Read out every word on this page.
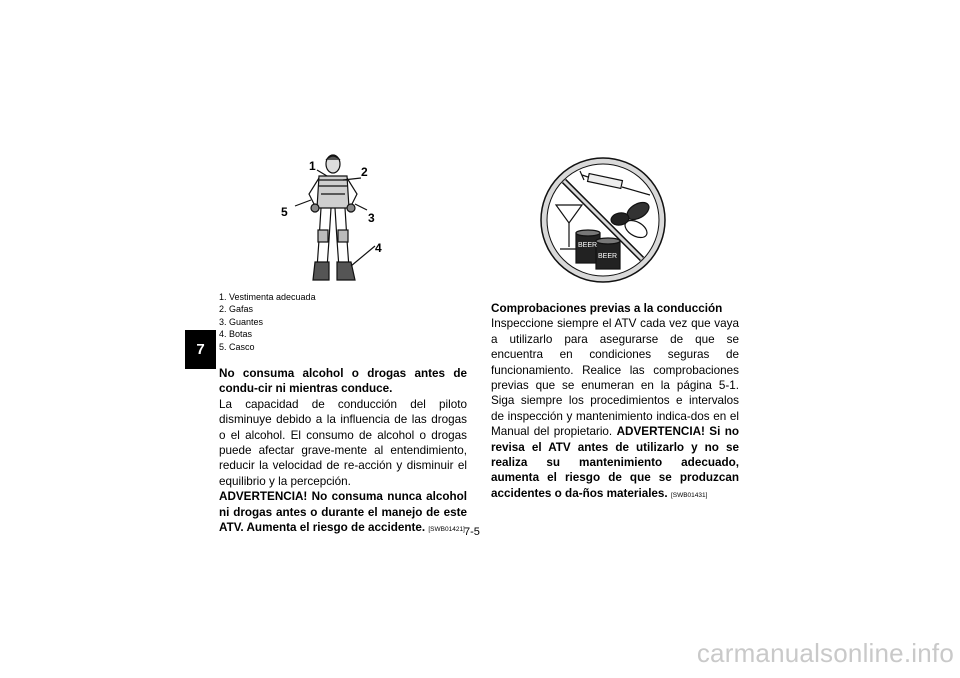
7
1	2
3
4
5
1. Vestimenta adecuada
2. Gafas
3. Guantes
4. Botas
5. Casco

No consuma alcohol o drogas antes de condu-cir ni mientras conduce.

La capacidad de conducción del piloto disminuye debido a la influencia de las drogas o el alcohol. El consumo de alcohol o drogas puede afectar grave-mente al entendimiento, reducir la velocidad de re-acción y disminuir el equilibrio y la percepción.

ADVERTENCIA! No consuma nunca alcohol ni drogas antes o durante el manejo de este ATV. Aumenta el riesgo de accidente. [SWB01421]

BEER
BEER

Comprobaciones previas a la conducción

Inspeccione siempre el ATV cada vez que vaya a utilizarlo para asegurarse de que se encuentra en condiciones seguras de funcionamiento. Realice las comprobaciones previas que se enumeran en la página 5-1. Siga siempre los procedimientos e intervalos de inspección y mantenimiento indica-dos en el Manual del propietario. ADVERTENCIA! Si no revisa el ATV antes de utilizarlo y no se realiza su mantenimiento adecuado, aumenta el riesgo de que se produzcan accidentes o da-ños materiales. [SWB01431]

7-5
carmanualsonline.info
